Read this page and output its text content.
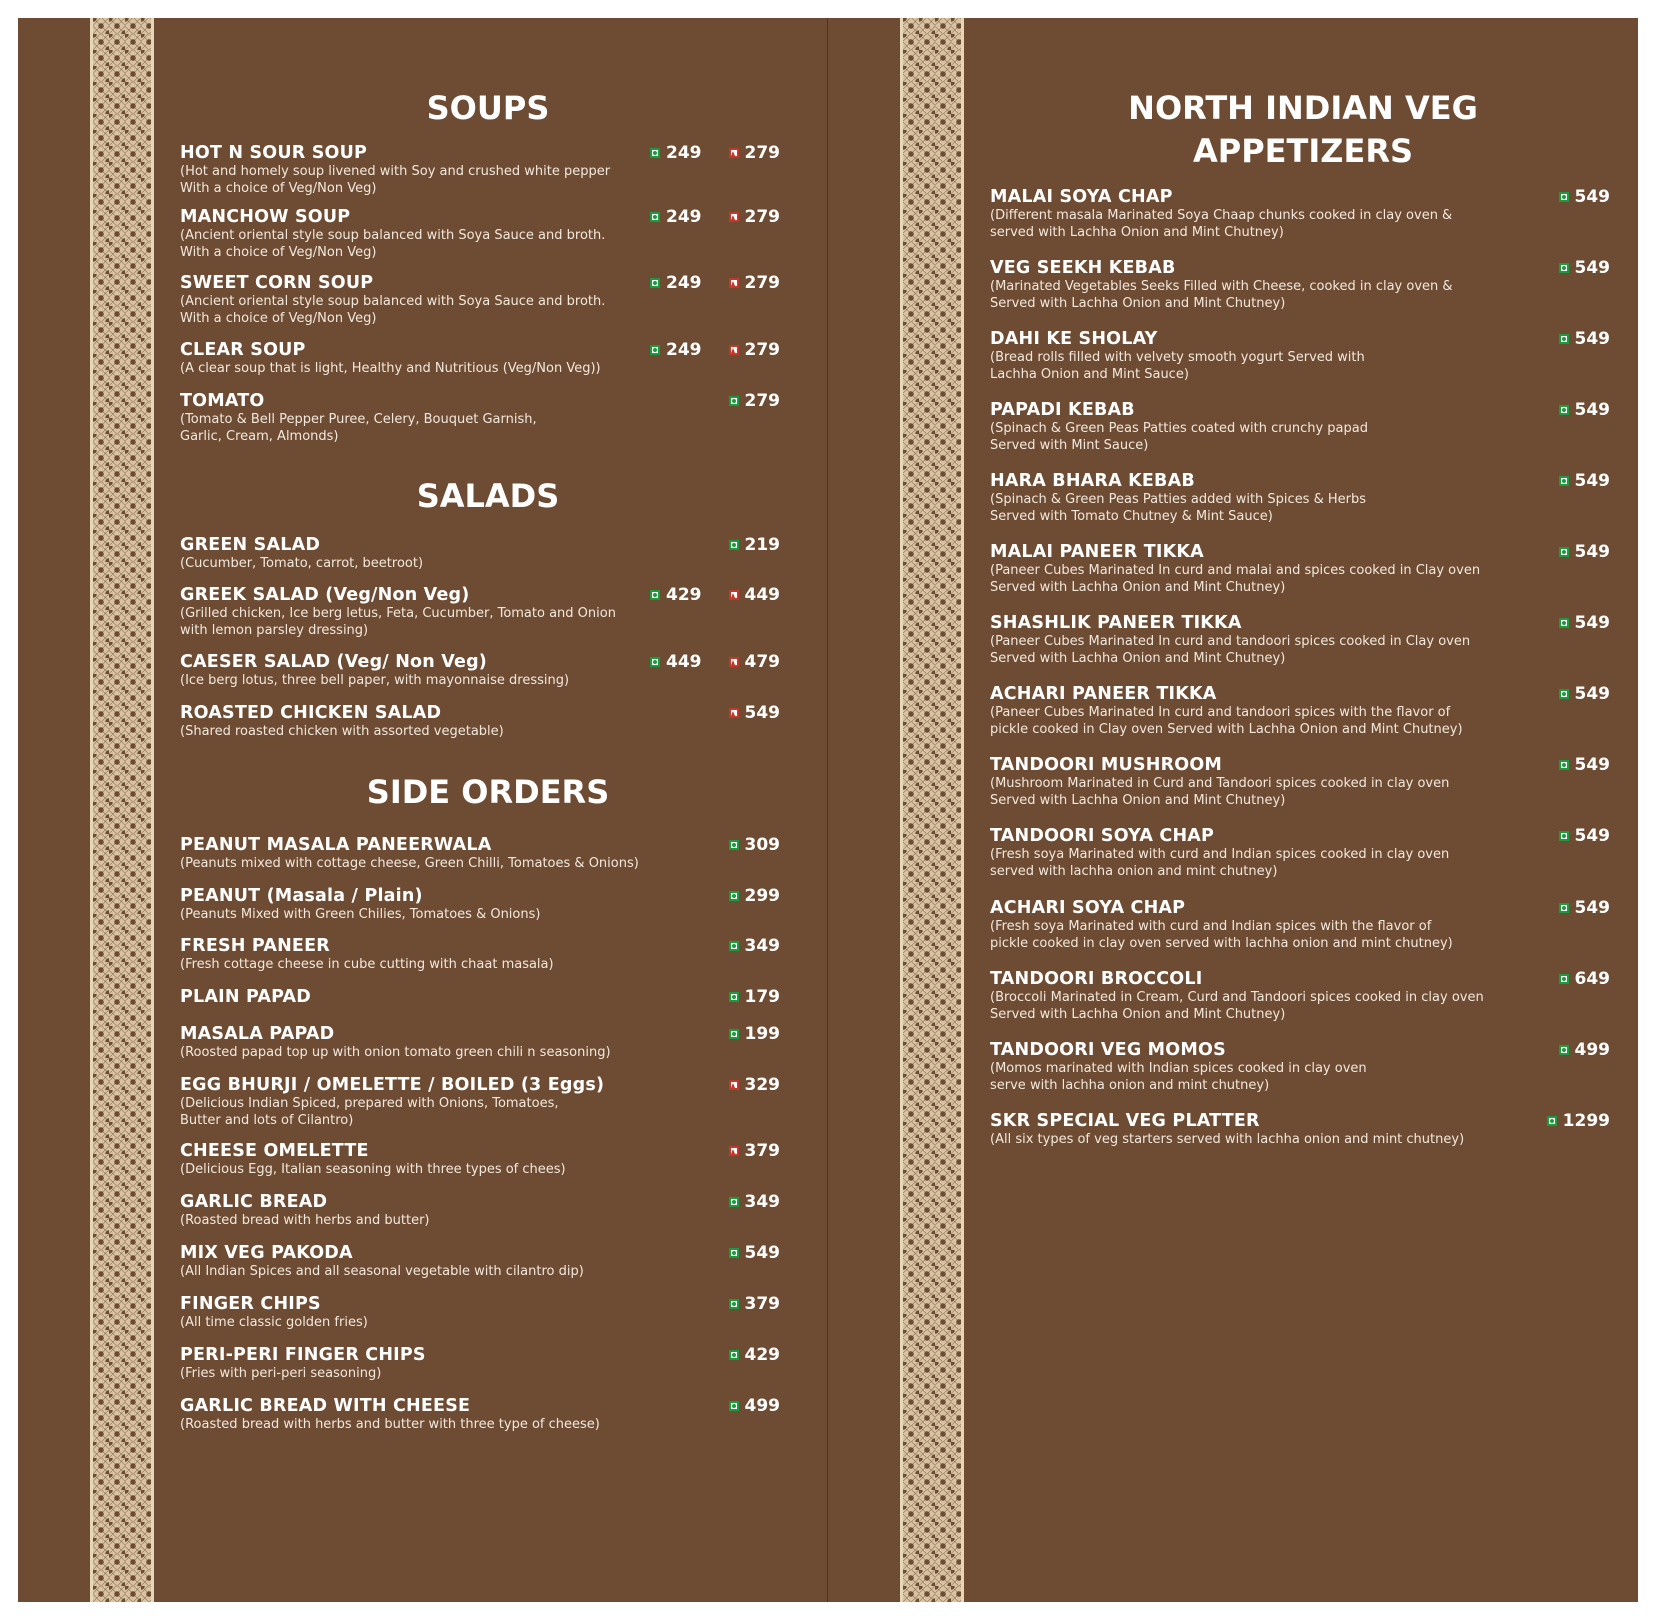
SOUPS
HOT N SOUR SOUP
(Hot and homely soup livened with Soy and crushed white pepper
With a choice of Veg/Non Veg)
249	279
MANCHOW SOUP
(Ancient oriental style soup balanced with Soya Sauce and broth.
With a choice of Veg/Non Veg)
249	279
SWEET CORN SOUP
(Ancient oriental style soup balanced with Soya Sauce and broth.
With a choice of Veg/Non Veg)
249	279
CLEAR SOUP
(A clear soup that is light, Healthy and Nutritious (Veg/Non Veg))
249	279
TOMATO
(Tomato & Bell Pepper Puree, Celery, Bouquet Garnish,
Garlic, Cream, Almonds)
279
SALADS
GREEN SALAD
(Cucumber, Tomato, carrot, beetroot)
219
GREEK SALAD (Veg/Non Veg)
(Grilled chicken, Ice berg letus, Feta, Cucumber, Tomato and Onion
with lemon parsley dressing)
429	449
CAESER SALAD (Veg/ Non Veg)
(Ice berg lotus, three bell paper, with mayonnaise dressing)
449	479
ROASTED CHICKEN SALAD
(Shared roasted chicken with assorted vegetable)
549
SIDE ORDERS
PEANUT MASALA PANEERWALA
(Peanuts mixed with cottage cheese, Green Chilli, Tomatoes & Onions)
309
PEANUT (Masala / Plain)
(Peanuts Mixed with Green Chilies, Tomatoes & Onions)
299
FRESH PANEER
(Fresh cottage cheese in cube cutting with chaat masala)
349
PLAIN PAPAD	179
MASALA PAPAD
(Roosted papad top up with onion tomato green chili n seasoning)
199
EGG BHURJI / OMELETTE / BOILED (3 Eggs)
(Delicious Indian Spiced, prepared with Onions, Tomatoes,
Butter and lots of Cilantro)
329
CHEESE OMELETTE
(Delicious Egg, Italian seasoning with three types of chees)
379
GARLIC BREAD
(Roasted bread with herbs and butter)
349
MIX VEG PAKODA
(All Indian Spices and all seasonal vegetable with cilantro dip)
549
FINGER CHIPS
(All time classic golden fries)
379
PERI-PERI FINGER CHIPS
(Fries with peri-peri seasoning)
429
GARLIC BREAD WITH CHEESE
(Roasted bread with herbs and butter with three type of cheese)
499
NORTH INDIAN VEG
APPETIZERS
MALAI SOYA CHAP
(Different masala Marinated Soya Chaap chunks cooked in clay oven &
served with Lachha Onion and Mint Chutney)
549
VEG SEEKH KEBAB
(Marinated Vegetables Seeks Filled with Cheese, cooked in clay oven &
Served with Lachha Onion and Mint Chutney)
549
DAHI KE SHOLAY
(Bread rolls filled with velvety smooth yogurt Served with
Lachha Onion and Mint Sauce)
549
PAPADI KEBAB
(Spinach & Green Peas Patties coated with crunchy papad
Served with Mint Sauce)
549
HARA BHARA KEBAB
(Spinach & Green Peas Patties added with Spices & Herbs
Served with Tomato Chutney & Mint Sauce)
549
MALAI PANEER TIKKA
(Paneer Cubes Marinated In curd and malai and spices cooked in Clay oven
Served with Lachha Onion and Mint Chutney)
549
SHASHLIK PANEER TIKKA
(Paneer Cubes Marinated In curd and tandoori spices cooked in Clay oven
Served with Lachha Onion and Mint Chutney)
549
ACHARI PANEER TIKKA
(Paneer Cubes Marinated In curd and tandoori spices with the flavor of
pickle cooked in Clay oven Served with Lachha Onion and Mint Chutney)
549
TANDOORI MUSHROOM
(Mushroom Marinated in Curd and Tandoori spices cooked in clay oven
Served with Lachha Onion and Mint Chutney)
549
TANDOORI SOYA CHAP
(Fresh soya Marinated with curd and Indian spices cooked in clay oven
served with lachha onion and mint chutney)
549
ACHARI SOYA CHAP
(Fresh soya Marinated with curd and Indian spices with the flavor of
pickle cooked in clay oven served with lachha onion and mint chutney)
549
TANDOORI BROCCOLI
(Broccoli Marinated in Cream, Curd and Tandoori spices cooked in clay oven
Served with Lachha Onion and Mint Chutney)
649
TANDOORI VEG MOMOS
(Momos marinated with Indian spices cooked in clay oven
serve with lachha onion and mint chutney)
499
SKR SPECIAL VEG PLATTER
(All six types of veg starters served with lachha onion and mint chutney)
1299
